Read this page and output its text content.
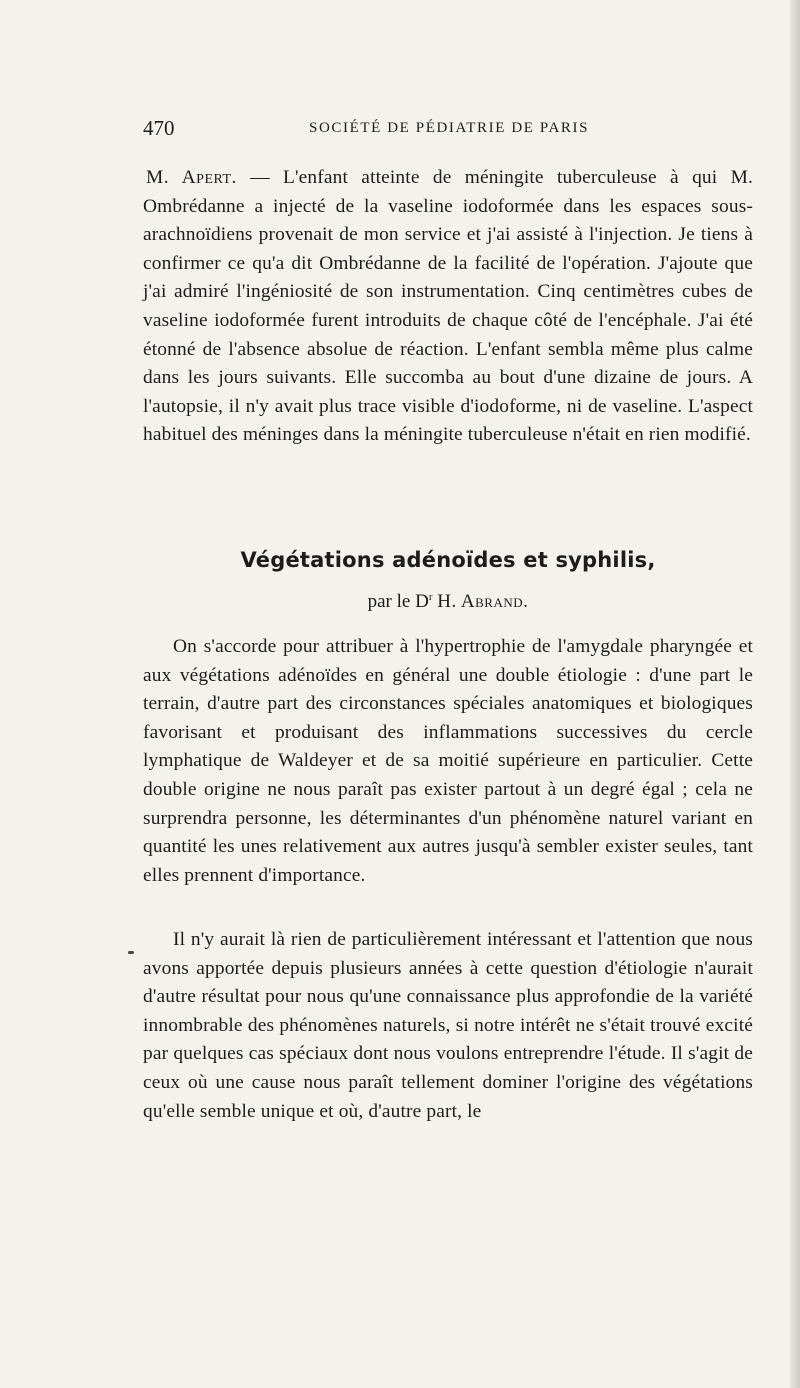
470	SOCIÉTÉ DE PÉDIATRIE DE PARIS

M. Apert. — L'enfant atteinte de méningite tuberculeuse à qui M. Ombrédanne a injecté de la vaseline iodoformée dans les espaces sous-arachnoïdiens provenait de mon service et j'ai assisté à l'injection. Je tiens à confirmer ce qu'a dit Ombrédanne de la facilité de l'opération. J'ajoute que j'ai admiré l'ingéniosité de son instrumentation. Cinq centimètres cubes de vaseline iodoformée furent introduits de chaque côté de l'encéphale. J'ai été étonné de l'absence absolue de réaction. L'enfant sembla même plus calme dans les jours suivants. Elle succomba au bout d'une dizaine de jours. A l'autopsie, il n'y avait plus trace visible d'iodoforme, ni de vaseline. L'aspect habituel des méninges dans la méningite tuberculeuse n'était en rien modifié.

Végétations adénoïdes et syphilis,

par le $D^r$ H. Abrand.

On s'accorde pour attribuer à l'hypertrophie de l'amygdale pharyngée et aux végétations adénoïdes en général une double étiologie : d'une part le terrain, d'autre part des circonstances spéciales anatomiques et biologiques favorisant et produisant des inflammations successives du cercle lymphatique de Waldeyer et de sa moitié supérieure en particulier. Cette double origine ne nous paraît pas exister partout à un degré égal ; cela ne surprendra personne, les déterminantes d'un phénomène naturel variant en quantité les unes relativement aux autres jusqu'à sembler exister seules, tant elles prennent d'importance.

Il n'y aurait là rien de particulièrement intéressant et l'attention que nous avons apportée depuis plusieurs années à cette question d'étiologie n'aurait d'autre résultat pour nous qu'une connaissance plus approfondie de la variété innombrable des phénomènes naturels, si notre intérêt ne s'était trouvé excité par quelques cas spéciaux dont nous voulons entreprendre l'étude. Il s'agit de ceux où une cause nous paraît tellement dominer l'origine des végétations qu'elle semble unique et où, d'autre part, le
